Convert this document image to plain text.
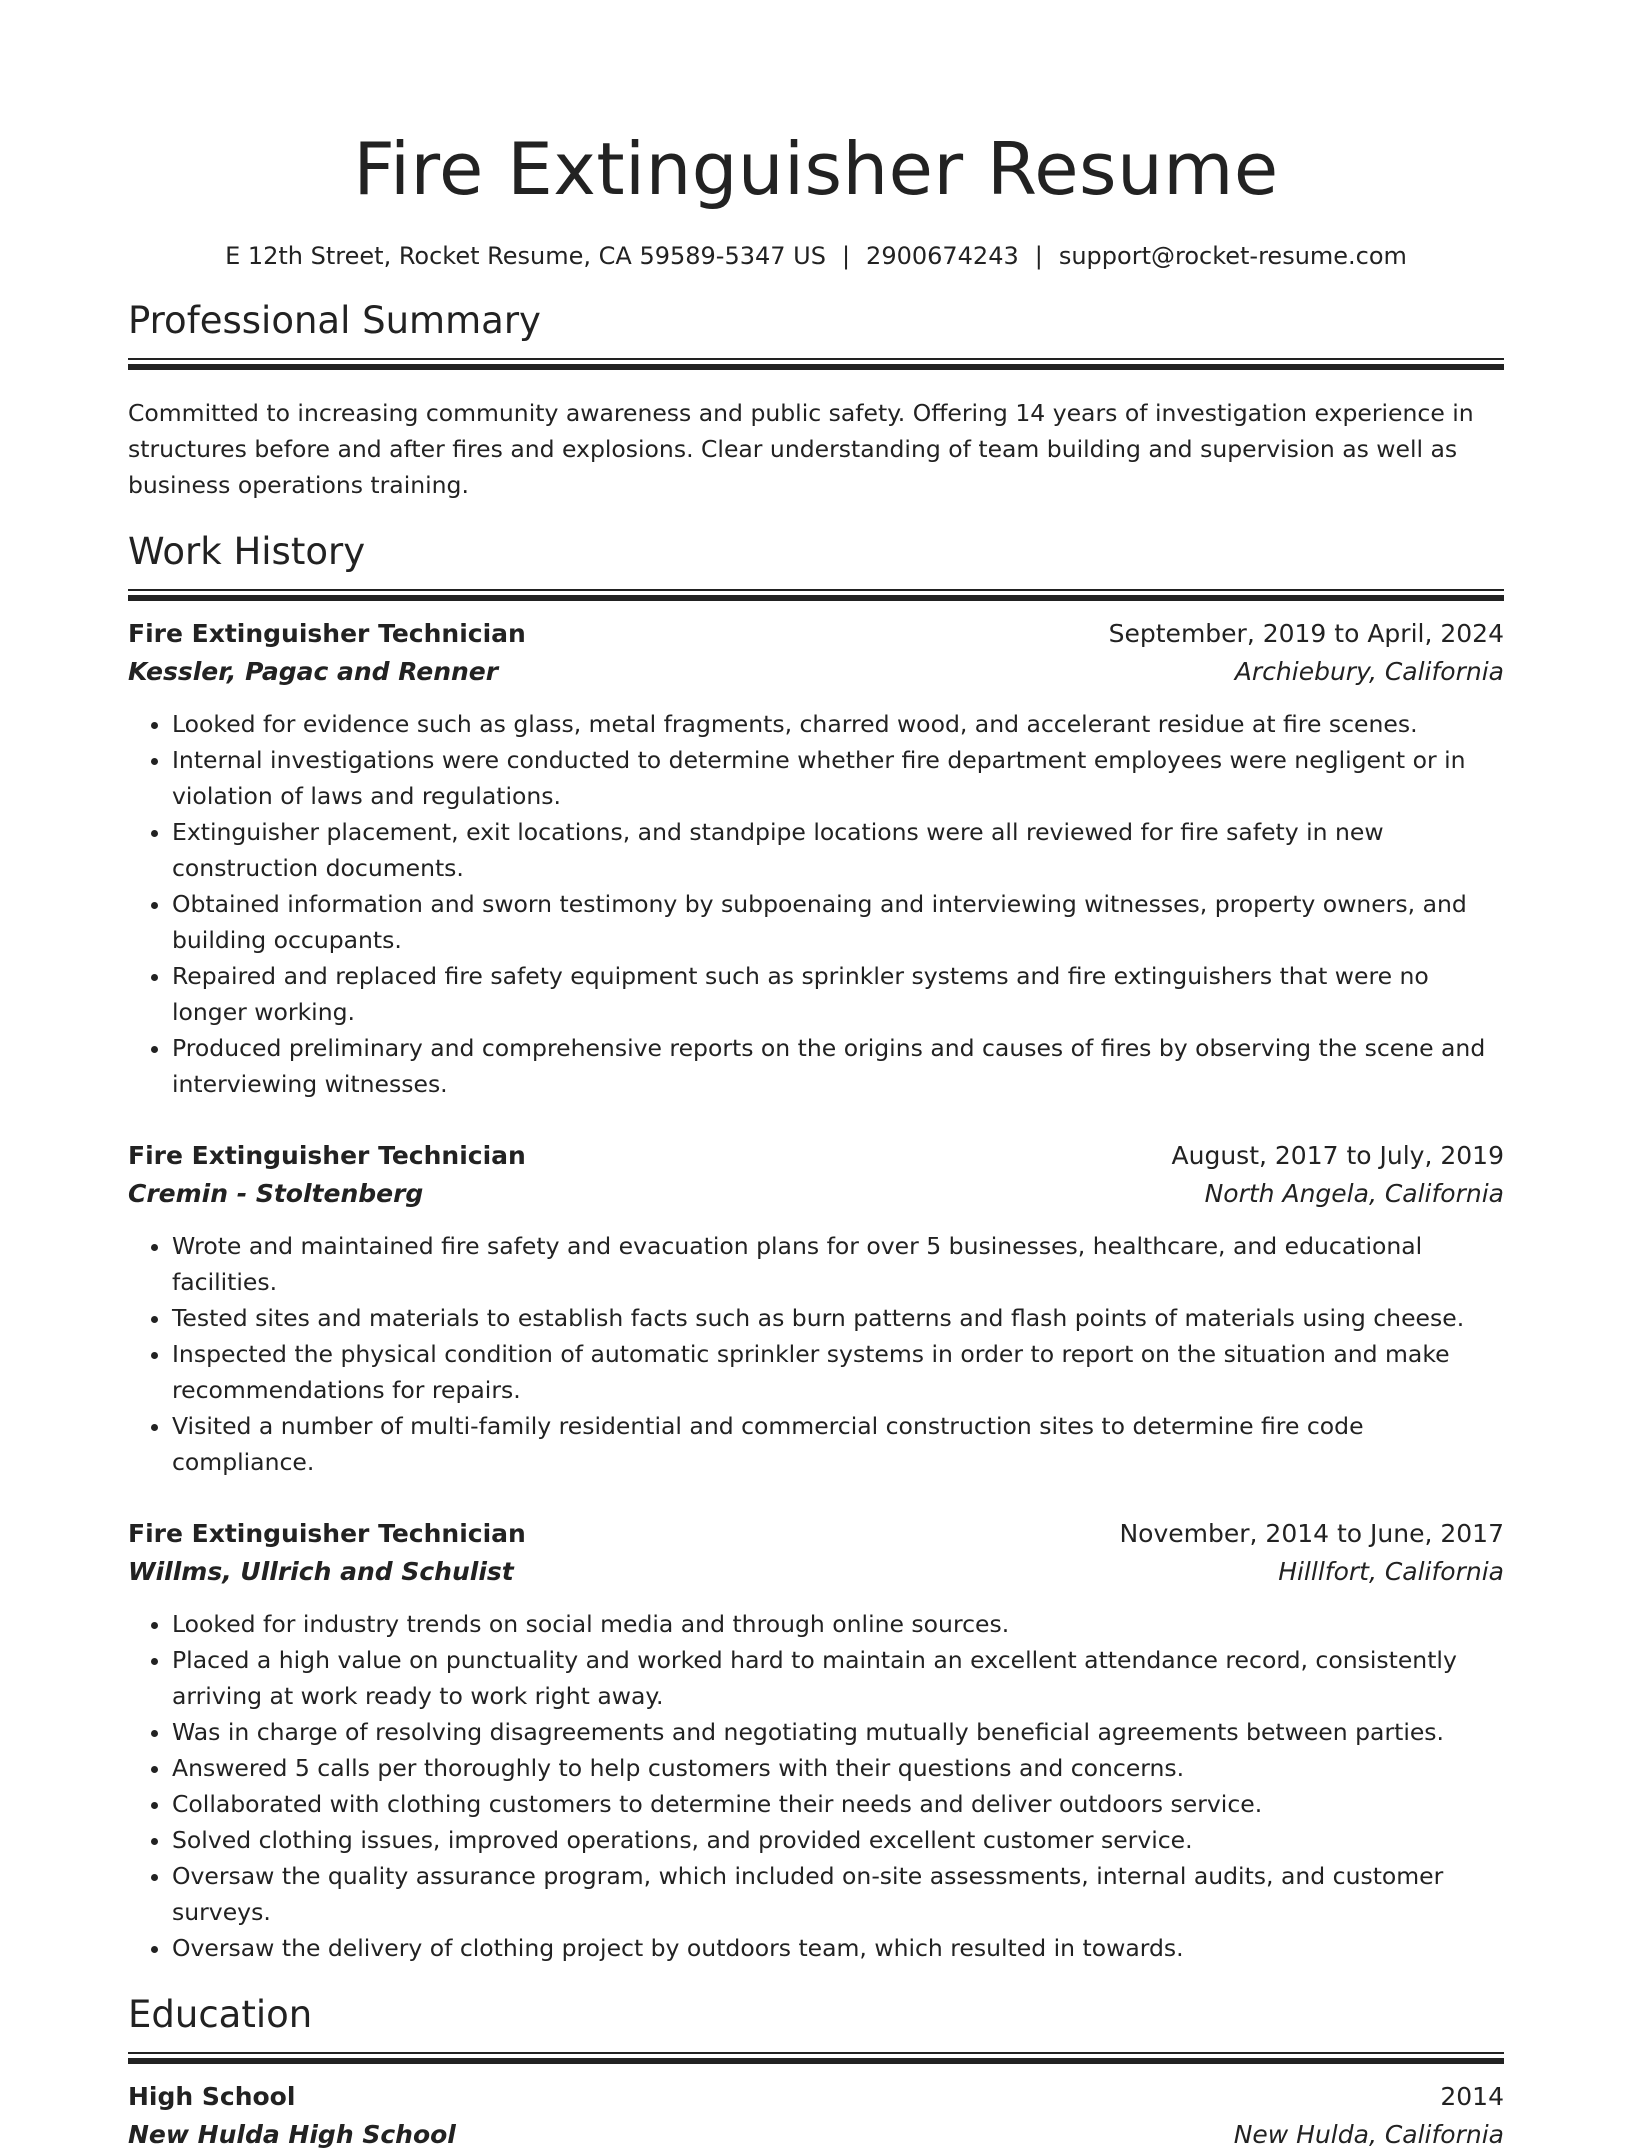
Fire Extinguisher Resume
E 12th Street, Rocket Resume, CA 59589-5347 US | 2900674243 | support@rocket-resume.com
Professional Summary
Committed to increasing community awareness and public safety. Offering 14 years of investigation experience in structures before and after fires and explosions. Clear understanding of team building and supervision as well as business operations training.
Work History
Fire Extinguisher Technician	September, 2019 to April, 2024
Kessler, Pagac and Renner	Archiebury, California
• Looked for evidence such as glass, metal fragments, charred wood, and accelerant residue at fire scenes.
• Internal investigations were conducted to determine whether fire department employees were negligent or in violation of laws and regulations.
• Extinguisher placement, exit locations, and standpipe locations were all reviewed for fire safety in new construction documents.
• Obtained information and sworn testimony by subpoenaing and interviewing witnesses, property owners, and building occupants.
• Repaired and replaced fire safety equipment such as sprinkler systems and fire extinguishers that were no longer working.
• Produced preliminary and comprehensive reports on the origins and causes of fires by observing the scene and interviewing witnesses.
Fire Extinguisher Technician	August, 2017 to July, 2019
Cremin - Stoltenberg	North Angela, California
• Wrote and maintained fire safety and evacuation plans for over 5 businesses, healthcare, and educational facilities.
• Tested sites and materials to establish facts such as burn patterns and flash points of materials using cheese.
• Inspected the physical condition of automatic sprinkler systems in order to report on the situation and make recommendations for repairs.
• Visited a number of multi-family residential and commercial construction sites to determine fire code compliance.
Fire Extinguisher Technician	November, 2014 to June, 2017
Willms, Ullrich and Schulist	Hilllfort, California
• Looked for industry trends on social media and through online sources.
• Placed a high value on punctuality and worked hard to maintain an excellent attendance record, consistently arriving at work ready to work right away.
• Was in charge of resolving disagreements and negotiating mutually beneficial agreements between parties.
• Answered 5 calls per thoroughly to help customers with their questions and concerns.
• Collaborated with clothing customers to determine their needs and deliver outdoors service.
• Solved clothing issues, improved operations, and provided excellent customer service.
• Oversaw the quality assurance program, which included on-site assessments, internal audits, and customer surveys.
• Oversaw the delivery of clothing project by outdoors team, which resulted in towards.
Education
High School	2014
New Hulda High School	New Hulda, California
